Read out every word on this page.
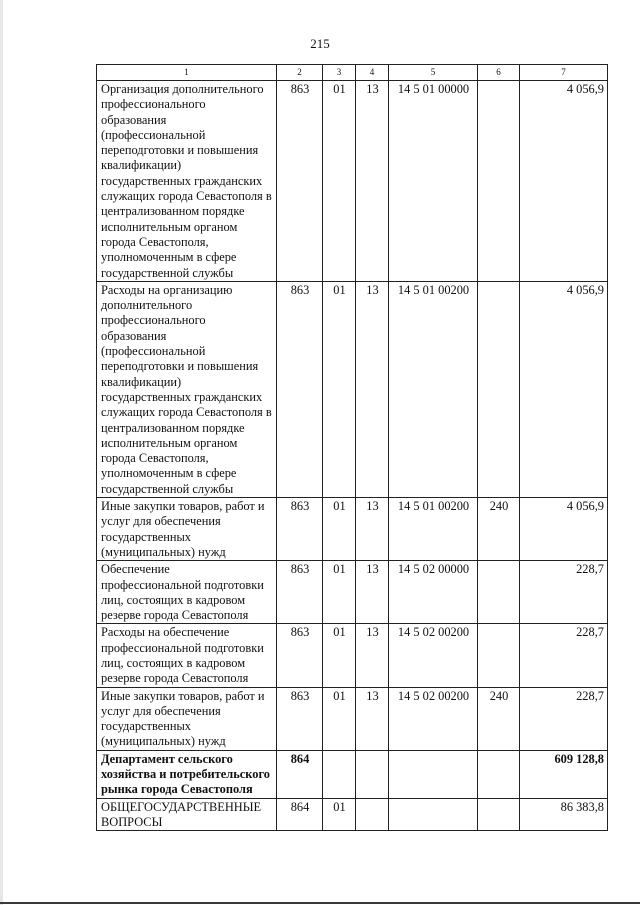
215
1	2	3	4	5	6	7
Организация дополнительного профессионального образования (профессиональной переподготовки и повышения квалификации) государственных гражданских служащих города Севастополя в централизованном порядке исполнительным органом города Севастополя, уполномоченным в сфере государственной службы	863	01	13	14 5 01 00000		4 056,9
Расходы на организацию дополнительного профессионального образования (профессиональной переподготовки и повышения квалификации) государственных гражданских служащих города Севастополя в централизованном порядке исполнительным органом города Севастополя, уполномоченным в сфере государственной службы	863	01	13	14 5 01 00200		4 056,9
Иные закупки товаров, работ и услуг для обеспечения государственных (муниципальных) нужд	863	01	13	14 5 01 00200	240	4 056,9
Обеспечение профессиональной подготовки лиц, состоящих в кадровом резерве города Севастополя	863	01	13	14 5 02 00000		228,7
Расходы на обеспечение профессиональной подготовки лиц, состоящих в кадровом резерве города Севастополя	863	01	13	14 5 02 00200		228,7
Иные закупки товаров, работ и услуг для обеспечения государственных (муниципальных) нужд	863	01	13	14 5 02 00200	240	228,7
Департамент сельского хозяйства и потребительского рынка города Севастополя	864					609 128,8
ОБЩЕГОСУДАРСТВЕННЫЕ ВОПРОСЫ	864	01				86 383,8
